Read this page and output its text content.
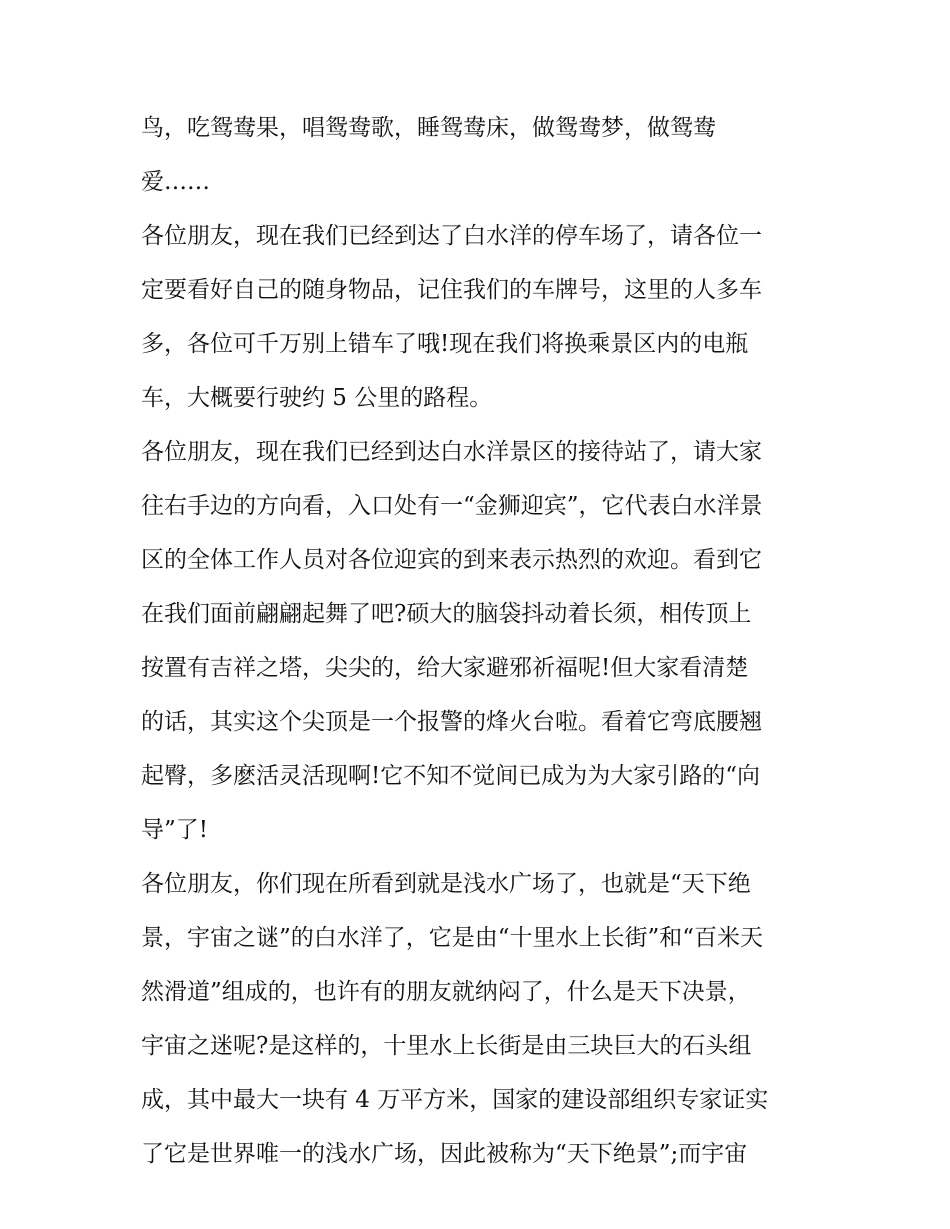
鸟，吃鸳鸯果，唱鸳鸯歌，睡鸳鸯床，做鸳鸯梦，做鸳鸯
爱……
各位朋友，现在我们已经到达了白水洋的停车场了，请各位一
定要看好自己的随身物品，记住我们的车牌号，这里的人多车
多，各位可千万别上错车了哦!现在我们将换乘景区内的电瓶
车，大概要行驶约 5 公里的路程。
各位朋友，现在我们已经到达白水洋景区的接待站了，请大家
往右手边的方向看，入口处有一“金狮迎宾”，它代表白水洋景
区的全体工作人员对各位迎宾的到来表示热烈的欢迎。看到它
在我们面前翩翩起舞了吧?硕大的脑袋抖动着长须，相传顶上
按置有吉祥之塔，尖尖的，给大家避邪祈福呢!但大家看清楚
的话，其实这个尖顶是一个报警的烽火台啦。看着它弯底腰翘
起臀，多麽活灵活现啊!它不知不觉间已成为为大家引路的“向
导”了!
各位朋友，你们现在所看到就是浅水广场了，也就是“天下绝
景，宇宙之谜”的白水洋了，它是由“十里水上长街”和“百米天
然滑道”组成的，也许有的朋友就纳闷了，什么是天下决景，
宇宙之迷呢?是这样的，十里水上长街是由三块巨大的石头组
成，其中最大一块有 4 万平方米，国家的建设部组织专家证实
了它是世界唯一的浅水广场，因此被称为“天下绝景”;而宇宙
